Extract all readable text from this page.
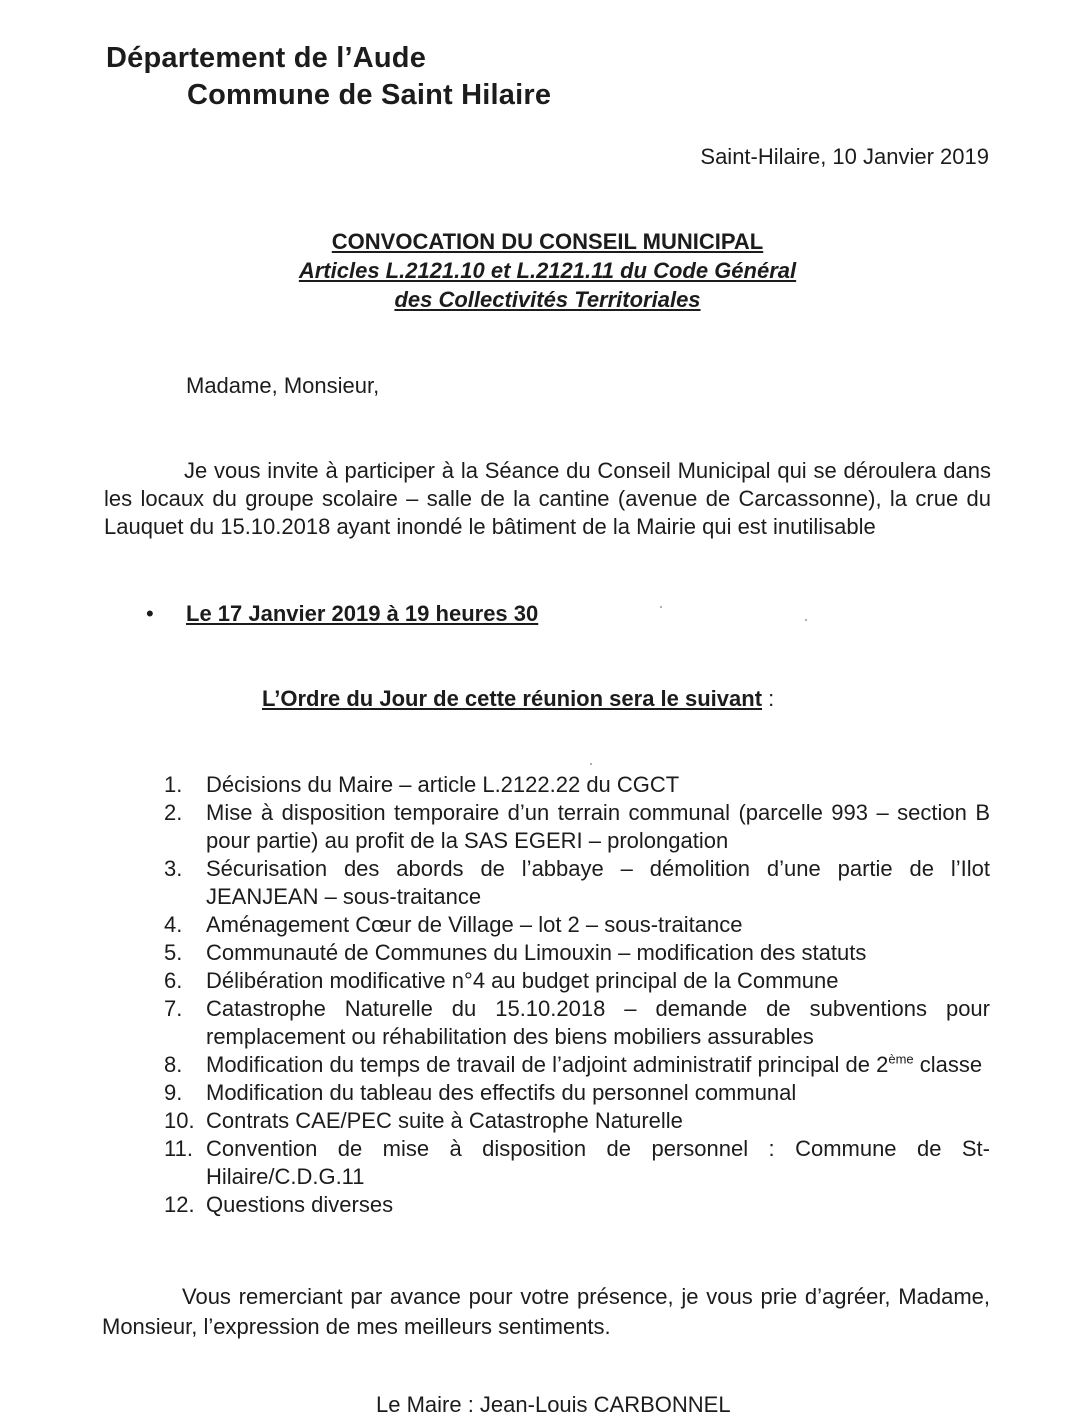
Département de l’Aude
Commune de Saint Hilaire
Saint-Hilaire, 10 Janvier 2019
CONVOCATION DU CONSEIL MUNICIPAL
Articles L.2121.10 et L.2121.11 du Code Général
des Collectivités Territoriales
Madame, Monsieur,
Je vous invite à participer à la Séance du Conseil Municipal qui se déroulera dans les locaux du groupe scolaire – salle de la cantine (avenue de Carcassonne), la crue du Lauquet du 15.10.2018 ayant inondé le bâtiment de la Mairie qui est inutilisable
• Le 17 Janvier 2019 à 19 heures 30
L’Ordre du Jour de cette réunion sera le suivant :
1.	Décisions du Maire – article L.2122.22 du CGCT
2.	Mise à disposition temporaire d’un terrain communal (parcelle 993 – section B pour partie) au profit de la SAS EGERI – prolongation
3.	Sécurisation des abords de l’abbaye – démolition d’une partie de l’Ilot JEANJEAN – sous-traitance
4.	Aménagement Cœur de Village – lot 2 – sous-traitance
5.	Communauté de Communes du Limouxin – modification des statuts
6.	Délibération modificative n°4 au budget principal de la Commune
7.	Catastrophe Naturelle du 15.10.2018 – demande de subventions pour remplacement ou réhabilitation des biens mobiliers assurables
8.	Modification du temps de travail de l’adjoint administratif principal de 2ème classe
9.	Modification du tableau des effectifs du personnel communal
10. Contrats CAE/PEC suite à Catastrophe Naturelle
11. Convention de mise à disposition de personnel : Commune de St-Hilaire/C.D.G.11
12. Questions diverses
Vous remerciant par avance pour votre présence, je vous prie d’agréer, Madame, Monsieur, l’expression de mes meilleurs sentiments.
Le Maire : Jean-Louis CARBONNEL
